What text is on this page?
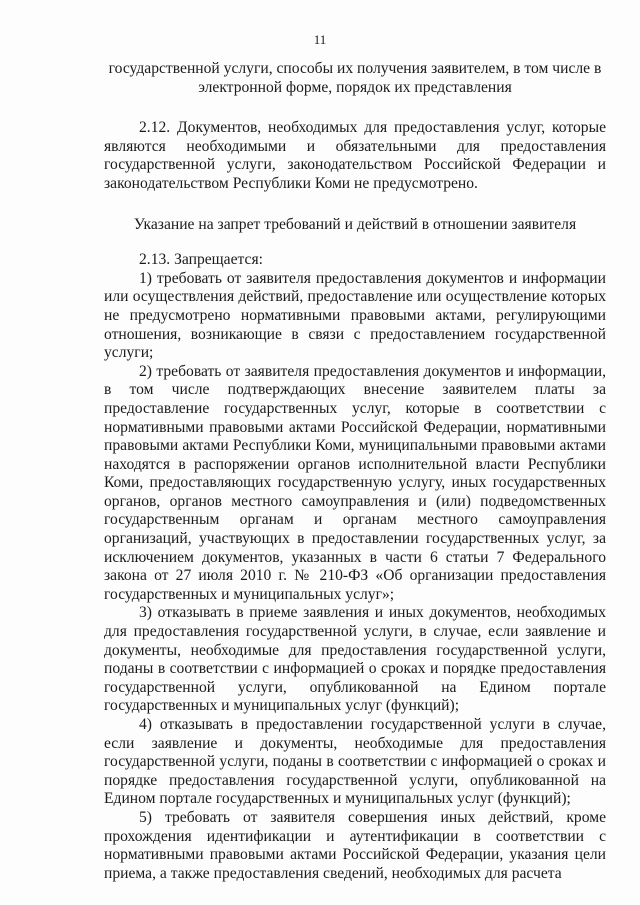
11

государственной услуги, способы их получения заявителем, в том числе в электронной форме, порядок их представления

2.12. Документов, необходимых для предоставления услуг, которые являются необходимыми и обязательными для предоставления государственной услуги, законодательством Российской Федерации и законодательством Республики Коми не предусмотрено.

Указание на запрет требований и действий в отношении заявителя

2.13. Запрещается:

1) требовать от заявителя предоставления документов и информации или осуществления действий, предоставление или осуществление которых не предусмотрено нормативными правовыми актами, регулирующими отношения, возникающие в связи с предоставлением государственной услуги;

2) требовать от заявителя предоставления документов и информации, в том числе подтверждающих внесение заявителем платы за предоставление государственных услуг, которые в соответствии с нормативными правовыми актами Российской Федерации, нормативными правовыми актами Республики Коми, муниципальными правовыми актами находятся в распоряжении органов исполнительной власти Республики Коми, предоставляющих государственную услугу, иных государственных органов, органов местного самоуправления и (или) подведомственных государственным органам и органам местного самоуправления организаций, участвующих в предоставлении государственных услуг, за исключением документов, указанных в части 6 статьи 7 Федерального закона от 27 июля 2010 г. № 210-ФЗ «Об организации предоставления государственных и муниципальных услуг»;

3) отказывать в приеме заявления и иных документов, необходимых для предоставления государственной услуги, в случае, если заявление и документы, необходимые для предоставления государственной услуги, поданы в соответствии с информацией о сроках и порядке предоставления государственной услуги, опубликованной на Едином портале государственных и муниципальных услуг (функций);

4) отказывать в предоставлении государственной услуги в случае, если заявление и документы, необходимые для предоставления государственной услуги, поданы в соответствии с информацией о сроках и порядке предоставления государственной услуги, опубликованной на Едином портале государственных и муниципальных услуг (функций);

5) требовать от заявителя совершения иных действий, кроме прохождения идентификации и аутентификации в соответствии с нормативными правовыми актами Российской Федерации, указания цели приема, а также предоставления сведений, необходимых для расчета
